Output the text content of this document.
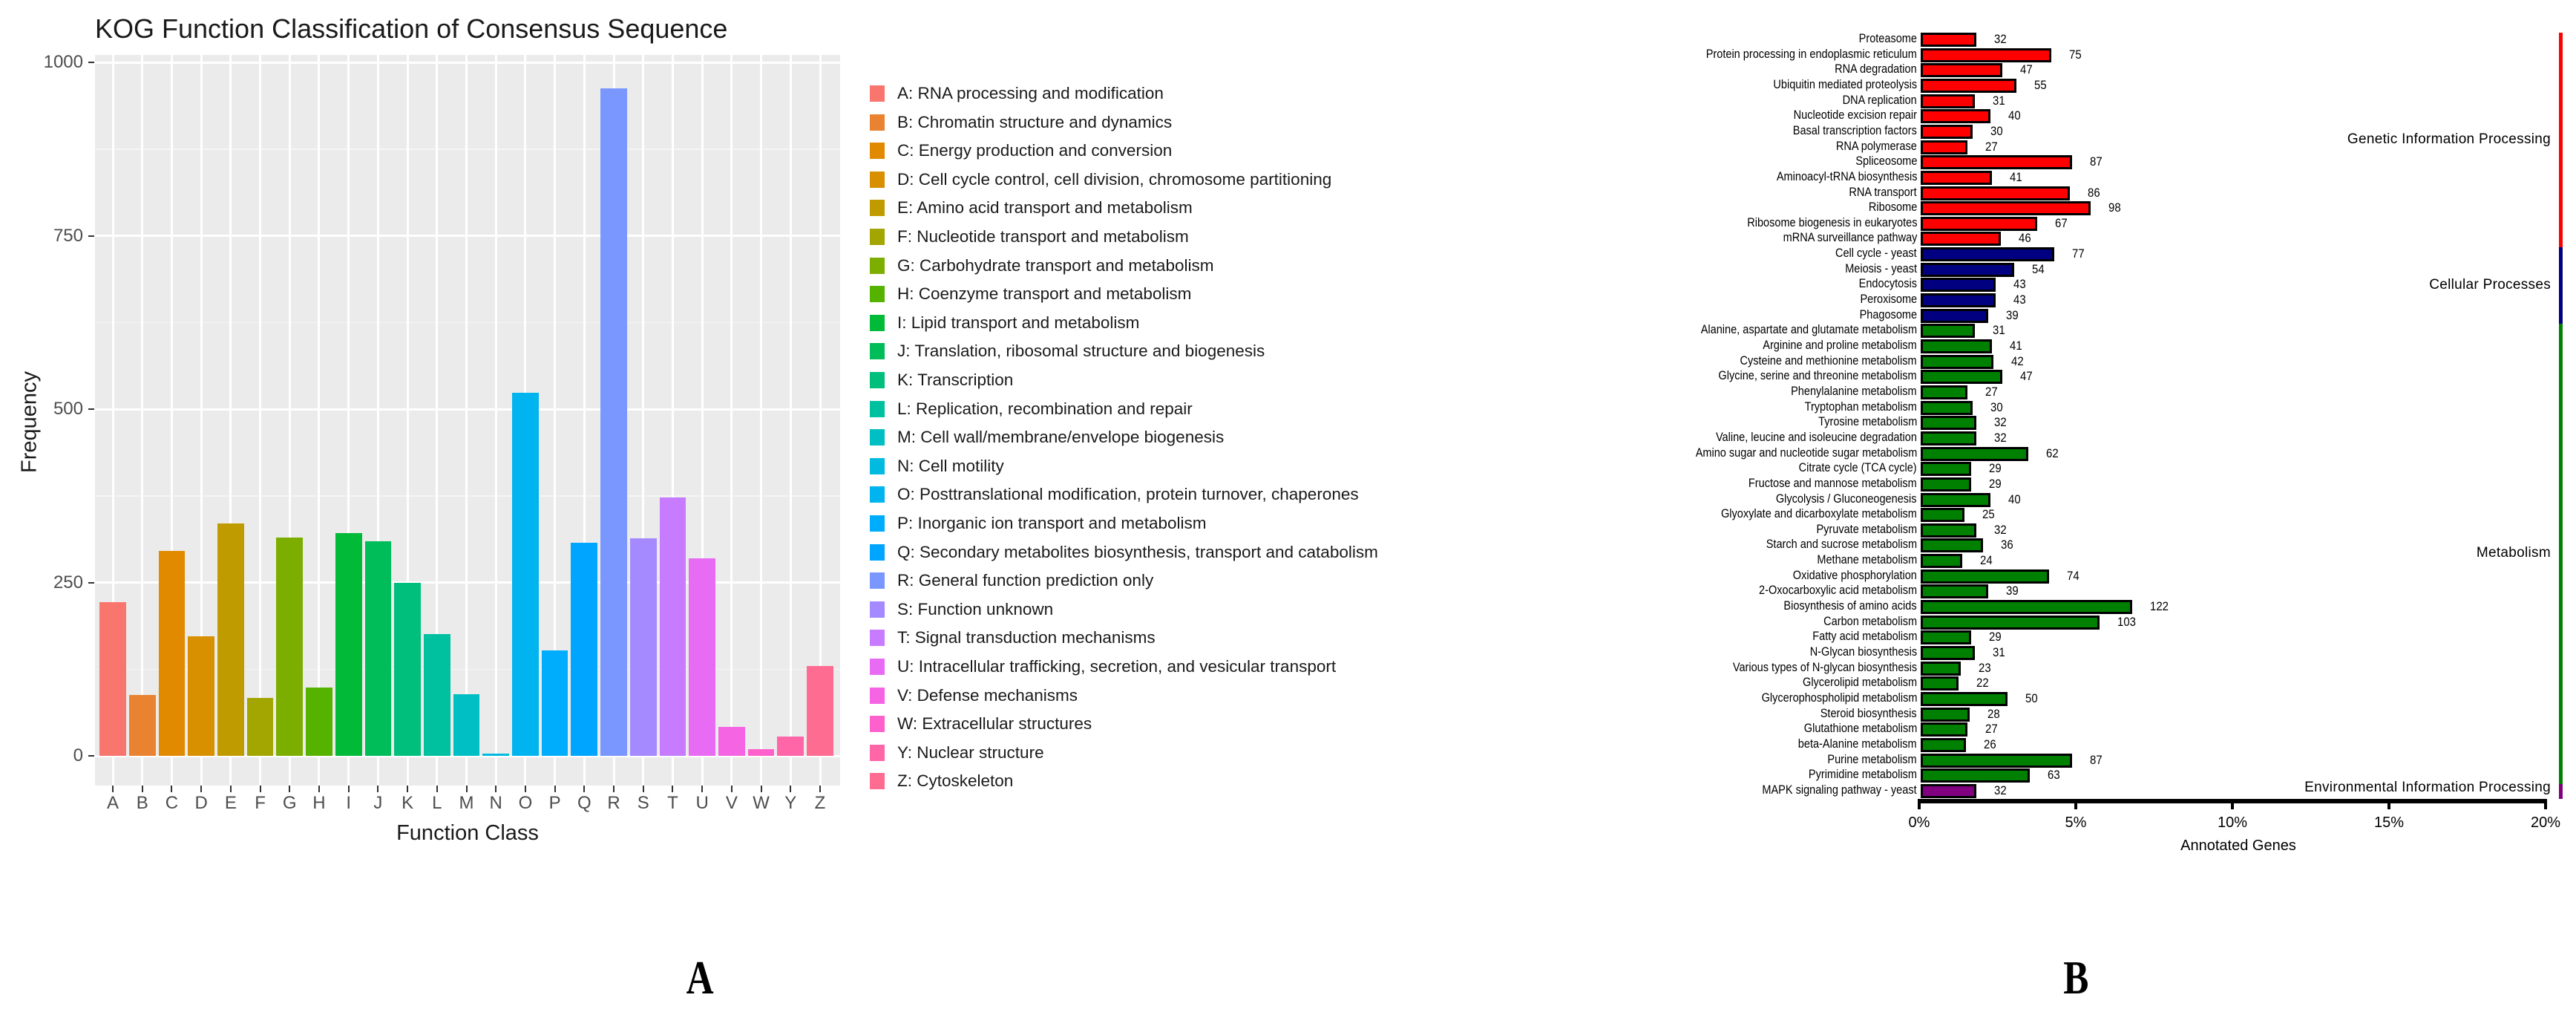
KOG Function Classification of Consensus Sequence
Frequency
0
250
500
750
1000
A B C D E	F G H	I	J	K	L M N O P Q R S	T U V W Y	Z
Function Class
A: RNA processing and modification
B: Chromatin structure and dynamics
C: Energy production and conversion
D: Cell cycle control, cell division, chromosome partitioning
E: Amino acid transport and metabolism
F: Nucleotide transport and metabolism
G: Carbohydrate transport and metabolism
H: Coenzyme transport and metabolism
I: Lipid transport and metabolism
J: Translation, ribosomal structure and biogenesis
K: Transcription
L: Replication, recombination and repair
M: Cell wall/membrane/envelope biogenesis
N: Cell motility
O: Posttranslational modification, protein turnover, chaperones
P: Inorganic ion transport and metabolism
Q: Secondary metabolites biosynthesis, transport and catabolism
R: General function prediction only
S: Function unknown
T: Signal transduction mechanisms
U: Intracellular trafficking, secretion, and vesicular transport
V: Defense mechanisms
W: Extracellular structures
Y: Nuclear structure
Z: Cytoskeleton
Proteasome	32
Protein processing in endoplasmic reticulum	75
RNA degradation	47
Ubiquitin mediated proteolysis	55
DNA replication	31
Nucleotide excision repair	40
Basal transcription factors	30
RNA polymerase	27
Spliceosome	87
Aminoacyl-tRNA biosynthesis	41
RNA transport	86
Ribosome	98
Ribosome biogenesis in eukaryotes	67
mRNA surveillance pathway	46
Cell cycle - yeast	77
Meiosis - yeast	54
Endocytosis	43
Peroxisome	43
Phagosome	39
Alanine, aspartate and glutamate metabolism	31
Arginine and proline metabolism	41
Cysteine and methionine metabolism	42
Glycine, serine and threonine metabolism	47
Phenylalanine metabolism	27
Tryptophan metabolism	30
Tyrosine metabolism	32
Valine, leucine and isoleucine degradation	32
Amino sugar and nucleotide sugar metabolism	62
Citrate cycle (TCA cycle)	29
Fructose and mannose metabolism	29
Glycolysis / Gluconeogenesis	40
Glyoxylate and dicarboxylate metabolism	25
Pyruvate metabolism	32
Starch and sucrose metabolism	36
Methane metabolism	24
Oxidative phosphorylation	74
2-Oxocarboxylic acid metabolism	39
Biosynthesis of amino acids	122
Carbon metabolism	103
Fatty acid metabolism	29
N-Glycan biosynthesis	31
Various types of N-glycan biosynthesis	23
Glycerolipid metabolism	22
Glycerophospholipid metabolism	50
Steroid biosynthesis	28
Glutathione metabolism	27
beta-Alanine metabolism	26
Purine metabolism	87
Pyrimidine metabolism	63
MAPK signaling pathway - yeast	32
0%	5%	10%	15%	20%
Annotated Genes
Genetic Information Processing
Cellular Processes
Metabolism
Environmental Information Processing
A	B
